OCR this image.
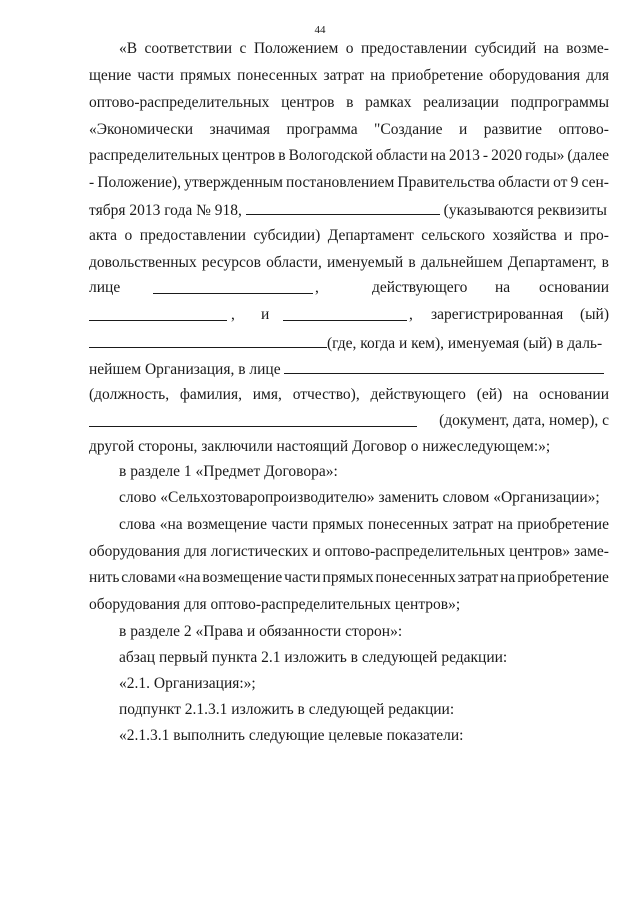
44
«В соответствии с Положением о предоставлении субсидий на возме-
щение части прямых понесенных затрат на приобретение оборудования для
оптово-распределительных центров в рамках реализации подпрограммы
«Экономически значимая программа "Создание и развитие оптово-
распределительных центров в Вологодской области на 2013 - 2020 годы» (далее
- Положение), утвержденным постановлением Правительства области от 9 сен-
тября 2013 года № 918,	(указываются реквизиты
акта о предоставлении субсидии) Департамент сельского хозяйства и про-
довольственных ресурсов области, именуемый в дальнейшем Департамент, в
лице	,	действующего на основании
, и	, зарегистрированная (ый)
(где, когда и кем), именуемая (ый) в даль-
нейшем Организация, в лице
(должность, фамилия, имя, отчество), действующего (ей) на основании
(документ, дата, номер), с
другой стороны, заключили настоящий Договор о нижеследующем:»;
в разделе 1 «Предмет Договора»:
слово «Сельхозтоваропроизводителю» заменить словом «Организации»;
слова «на возмещение части прямых понесенных затрат на приобретение
оборудования для логистических и оптово-распределительных центров» заме-
нить словами «на возмещение части прямых понесенных затрат на приобретение
оборудования для оптово-распределительных центров»;
в разделе 2 «Права и обязанности сторон»:
абзац первый пункта 2.1 изложить в следующей редакции:
«2.1. Организация:»;
подпункт 2.1.3.1 изложить в следующей редакции:
«2.1.3.1 выполнить следующие целевые показатели:
